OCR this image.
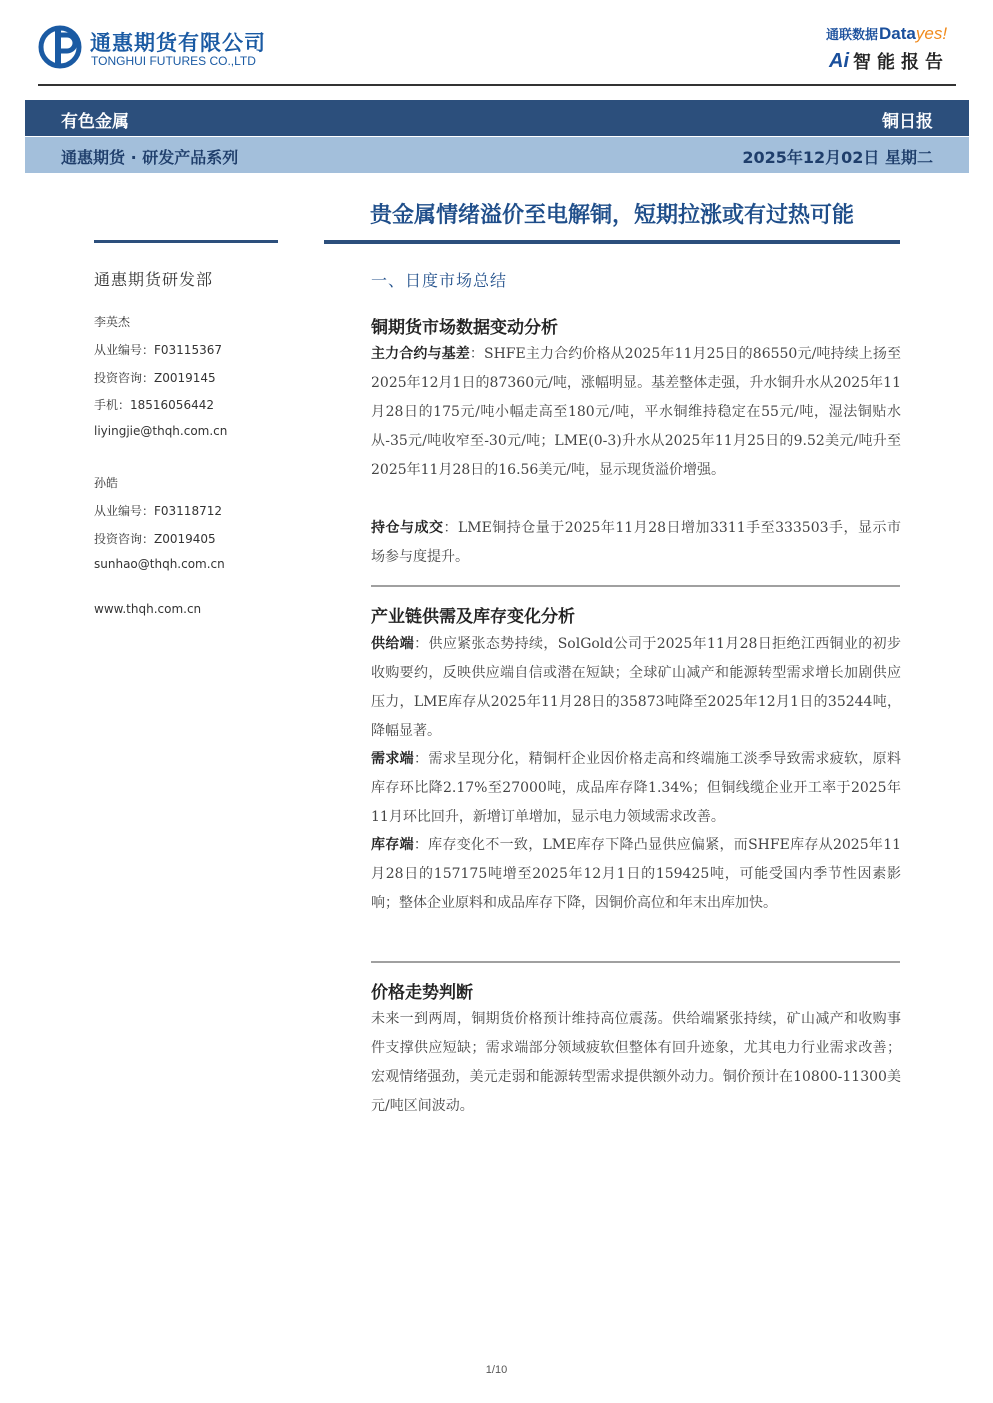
通惠期货有限公司
TONGHUI FUTURES CO.,LTD
通联数据Datayes!
Ai 智能报告
有色金属	铜日报
通惠期货 · 研发产品系列	2025年12月02日 星期二
贵金属情绪溢价至电解铜，短期拉涨或有过热可能
通惠期货研发部
李英杰
从业编号：F03115367
投资咨询：Z0019145
手机：18516056442
liyingjie@thqh.com.cn
孙皓
从业编号：F03118712
投资咨询：Z0019405
sunhao@thqh.com.cn
www.thqh.com.cn
一、日度市场总结
铜期货市场数据变动分析
主力合约与基差：SHFE主力合约价格从2025年11月25日的86550元/吨持续上扬至2025年12月1日的87360元/吨，涨幅明显。基差整体走强，升水铜升水从2025年11月28日的175元/吨小幅走高至180元/吨，平水铜维持稳定在55元/吨，湿法铜贴水从-35元/吨收窄至-30元/吨；LME(0-3)升水从2025年11月25日的9.52美元/吨升至2025年11月28日的16.56美元/吨，显示现货溢价增强。
持仓与成交：LME铜持仓量于2025年11月28日增加3311手至333503手，显示市场参与度提升。
产业链供需及库存变化分析
供给端：供应紧张态势持续，SolGold公司于2025年11月28日拒绝江西铜业的初步收购要约，反映供应端自信或潜在短缺；全球矿山减产和能源转型需求增长加剧供应压力，LME库存从2025年11月28日的35873吨降至2025年12月1日的35244吨，降幅显著。
需求端：需求呈现分化，精铜杆企业因价格走高和终端施工淡季导致需求疲软，原料库存环比降2.17%至27000吨，成品库存降1.34%；但铜线缆企业开工率于2025年11月环比回升，新增订单增加，显示电力领域需求改善。
库存端：库存变化不一致，LME库存下降凸显供应偏紧，而SHFE库存从2025年11月28日的157175吨增至2025年12月1日的159425吨，可能受国内季节性因素影响；整体企业原料和成品库存下降，因铜价高位和年末出库加快。
价格走势判断
未来一到两周，铜期货价格预计维持高位震荡。供给端紧张持续，矿山减产和收购事件支撑供应短缺；需求端部分领域疲软但整体有回升迹象，尤其电力行业需求改善；宏观情绪强劲，美元走弱和能源转型需求提供额外动力。铜价预计在10800-11300美元/吨区间波动。
1/10
